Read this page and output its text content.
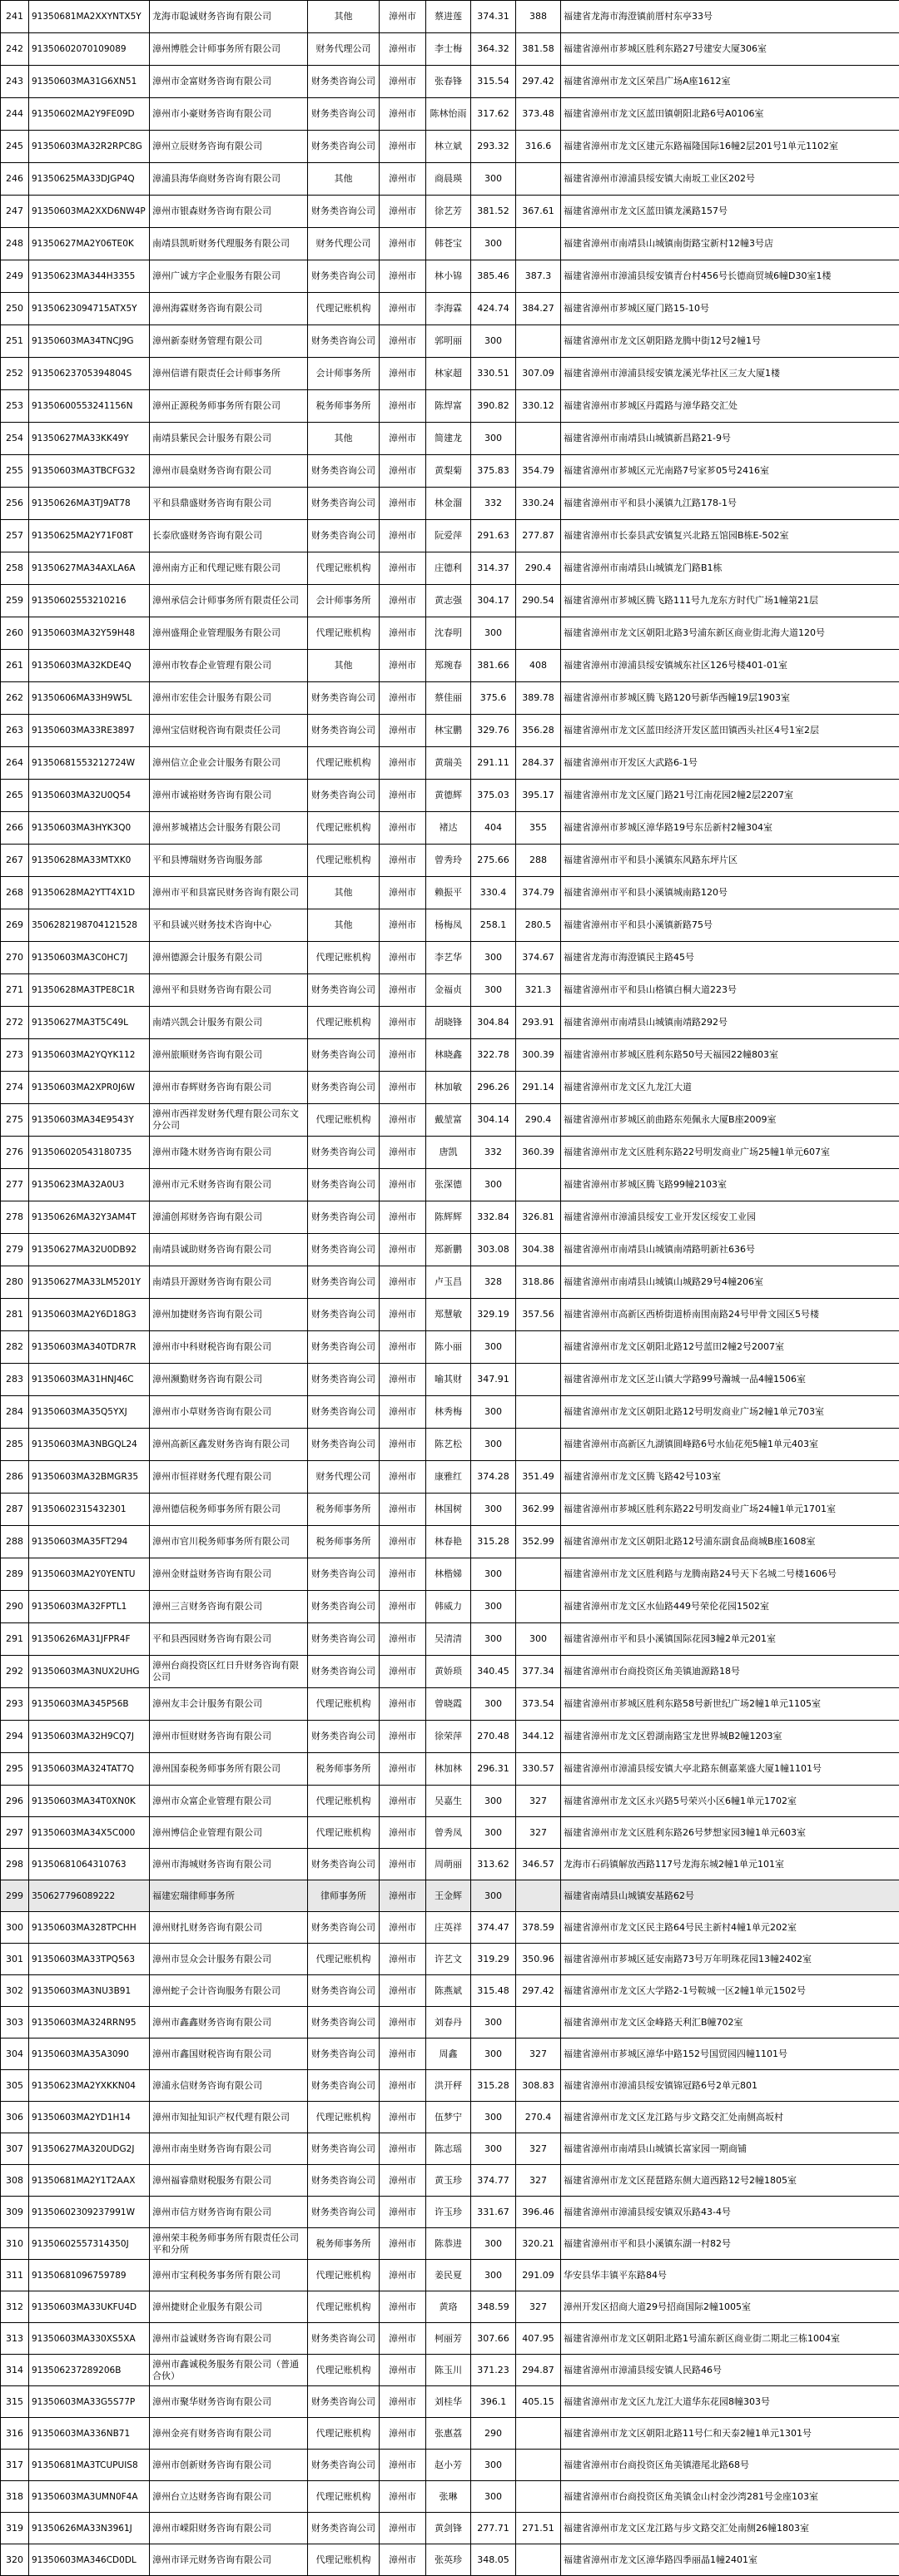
241	91350681MA2XXYNTX5Y	龙海市聪诚财务咨询有限公司	其他	漳州市	蔡进莲	374.31	388	福建省龙海市海澄镇前厝村东亭33号
242	91350602070109089	漳州博胜会计师事务所有限公司	财务代理公司	漳州市	李士梅	364.32	381.58	福建省漳州市芗城区胜利东路27号建安大厦306室
243	91350603MA31G6XN51	漳州市金富财务咨询有限公司	财务类咨询公司	漳州市	张春锋	315.54	297.42	福建省漳州市龙文区荣昌广场A座1612室
244	91350602MA2Y9FE09D	漳州市小豪财务咨询有限公司	财务类咨询公司	漳州市	陈林怡雨	317.62	373.48	福建省漳州市龙文区蓝田镇朝阳北路6号A0106室
245	91350603MA32R2RPC8G	漳州立辰财务咨询有限公司	财务类咨询公司	漳州市	林立斌	293.32	316.6	福建省漳州市龙文区建元东路福隆国际16幢2层201号1单元1102室
246	91350625MA33DJGP4Q	漳浦县海华商财务咨询有限公司	其他	漳州市	商晨瑛	300		福建省漳州市漳浦县绥安镇大南坂工业区202号
247	91350603MA2XXD6NW4P	漳州市银森财务咨询有限公司	财务类咨询公司	漳州市	徐艺芳	381.52	367.61	福建省漳州市龙文区蓝田镇龙溪路157号
248	91350627MA2Y06TE0K	南靖县凯昕财务代理服务有限公司	财务代理公司	漳州市	韩苍宝	300		福建省漳州市南靖县山城镇南街路宝新村12幢3号店
249	91350623MA344H3355	漳州广诚方字企业服务有限公司	财务类咨询公司	漳州市	林小锦	385.46	387.3	福建省漳州市漳浦县绥安镇青台村456号长德商贸城6幢D30室1楼
250	91350623094715ATX5Y	漳州海霖财务咨询有限公司	代理记账机构	漳州市	李海霖	424.74	384.27	福建省漳州市芗城区厦门路15-10号
251	91350603MA34TNCJ9G	漳州新泰财务管理有限公司	财务类咨询公司	漳州市	郭明丽	300		福建省漳州市龙文区朝阳路龙腾中街12号2幢1号
252	91350623705394804S	漳州信谱有限责任会计师事务所	会计师事务所	漳州市	林家超	330.51	307.09	福建省漳州市漳浦县绥安镇龙溪光华社区三友大厦1楼
253	91350600553241156N	漳州正源税务师事务所有限公司	税务师事务所	漳州市	陈焊富	390.82	330.12	福建省漳州市芗城区丹霞路与漳华路交汇处
254	91350627MA33KK49Y	南靖县紫民会计服务有限公司	其他	漳州市	简建龙	300		福建省漳州市南靖县山城镇新昌路21-9号
255	91350603MA3TBCFG32	漳州市晨燊财务咨询有限公司	财务类咨询公司	漳州市	黄梨菊	375.83	354.79	福建省漳州市芗城区元光南路7号家芗05号2416室
256	91350626MA3TJ9AT78	平和县鼎盛财务咨询有限公司	财务类咨询公司	漳州市	林金溜	332	330.24	福建省漳州市平和县小溪镇九江路178-1号
257	91350625MA2Y71F08T	长泰欣盛财务咨询有限公司	财务类咨询公司	漳州市	阮爱萍	291.63	277.87	福建省漳州市长泰县武安镇复兴北路五馆园B栋E-502室
258	91350627MA34AXLA6A	漳州南方正和代理记账有限公司	代理记账机构	漳州市	庄德利	314.37	290.4	福建省漳州市南靖县山城镇龙门路B1栋
259	91350602553210216	漳州承信会计师事务所有限责任公司	会计师事务所	漳州市	黄志强	304.17	290.54	福建省漳州市芗城区腾飞路111号九龙东方时代广场1幢第21层
260	91350603MA32Y59H48	漳州盛翔企业管理服务有限公司	代理记账机构	漳州市	沈春明	300		福建省漳州市龙文区朝阳北路3号浦东新区商业街北海大道120号
261	91350603MA32KDE4Q	漳州市牧春企业管理有限公司	其他	漳州市	郑琬春	381.66	408	福建省漳州市漳浦县绥安镇城东社区126号楼401-01室
262	91350606MA33H9W5L	漳州市宏佳会计服务有限公司	财务类咨询公司	漳州市	蔡佳丽	375.6	389.78	福建省漳州市芗城区腾飞路120号新华西幢19层1903室
263	91350603MA33RE3897	漳州宝信财税咨询有限责任公司	财务类咨询公司	漳州市	林宝鹏	329.76	356.28	福建省漳州市龙文区蓝田经济开发区蓝田镇西头社区4号1室2层
264	91350681553212724W	漳州信立企业会计服务有限公司	代理记账机构	漳州市	黄瑞美	291.11	284.37	福建省漳州市开发区大武路6-1号
265	91350603MA32U0Q54	漳州市诚裕财务咨询有限公司	财务类咨询公司	漳州市	黄德辉	375.03	395.17	福建省漳州市龙文区厦门路21号江南花园2幢2层2207室
266	91350603MA3HYK3Q0	漳州芗城褚达会计服务有限公司	代理记账机构	漳州市	褚达	404	355	福建省漳州市芗城区漳华路19号东岳新村2幢304室
267	91350628MA33MTXK0	平和县博瑞财务咨询服务部	代理记账机构	漳州市	曾秀玲	275.66	288	福建省漳州市平和县小溪镇东风路东坪片区
268	91350628MA2YTT4X1D	漳州市平和县富民财务咨询有限公司	其他	漳州市	赖振平	330.4	374.79	福建省漳州市平和县小溪镇城南路120号
269	3506282198704121528	平和县诚兴财务技术咨询中心	其他	漳州市	杨梅凤	258.1	280.5	福建省漳州市平和县小溪镇新路75号
270	91350603MA3C0HC7J	漳州德源会计服务有限公司	代理记账机构	漳州市	李艺华	300	374.67	福建省龙海市海澄镇民主路45号
271	91350628MA3TPE8C1R	漳州平和县财务咨询有限公司	财务类咨询公司	漳州市	金福贞	300	321.3	福建省漳州市平和县山格镇白桐大道223号
272	91350627MA3T5C49L	南靖兴凯会计服务有限公司	代理记账机构	漳州市	胡晓锋	304.84	293.91	福建省漳州市南靖县山城镇南靖路292号
273	91350603MA2YQYK112	漳州旅顺财务咨询有限公司	财务类咨询公司	漳州市	林晓鑫	322.78	300.39	福建省漳州市芗城区胜利东路50号天福园22幢803室
274	91350603MA2XPR0J6W	漳州市春辉财务咨询有限公司	财务类咨询公司	漳州市	林加敏	296.26	291.14	福建省漳州市龙文区九龙江大道
275	91350603MA34E9543Y	漳州市西祥发财务代理有限公司东文分公司	代理记账机构	漳州市	戴堃富	304.14	290.4	福建省漳州市芗城区前曲路东苑佩永大厦B座2009室
276	913506020543180735	漳州市隆木财务咨询有限公司	财务类咨询公司	漳州市	唐凯	332	360.39	福建省漳州市龙文区胜利东路22号明发商业广场25幢1单元607室
277	91350623MA32A0U3	漳州市元禾财务咨询有限公司	财务类咨询公司	漳州市	张深德	300		福建省漳州市芗城区腾飞路99幢2103室
278	91350626MA32Y3AM4T	漳浦创邦财务咨询有限公司	财务类咨询公司	漳州市	陈辉辉	332.84	326.81	福建省漳州市漳浦县绥安工业开发区绥安工业园
279	91350627MA32U0DB92	南靖县诚助财务咨询有限公司	财务类咨询公司	漳州市	郑新鹏	303.08	304.38	福建省漳州市南靖县山城镇南靖路明新社636号
280	91350627MA33LM5201Y	南靖县开源财务咨询有限公司	财务类咨询公司	漳州市	卢玉昌	328	318.86	福建省漳州市南靖县山城镇山城路29号4幢206室
281	91350603MA2Y6D18G3	漳州加捷财务咨询有限公司	财务类咨询公司	漳州市	郑慧敏	329.19	357.56	福建省漳州市高新区西桥街道桥南围南路24号甲骨文园区5号楼
282	91350603MA340TDR7R	漳州市中科财税咨询有限公司	财务类咨询公司	漳州市	陈小丽	300		福建省漳州市龙文区朝阳北路12号蓝田2幢2号2007室
283	91350603MA31HNJ46C	漳州濒勤财务咨询有限公司	财务类咨询公司	漳州市	喻其财	347.91		福建省漳州市龙文区芝山镇大学路99号瀚城一品4幢1506室
284	91350603MA35Q5YXJ	漳州市小草财务咨询有限公司	财务类咨询公司	漳州市	林秀梅	300		福建省漳州市龙文区朝阳北路12号明发商业广场2幢1单元703室
285	91350603MA3NBGQL24	漳州高新区鑫发财务咨询有限公司	财务类咨询公司	漳州市	陈艺松	300		福建省漳州市高新区九湖镇圆峰路6号水仙花苑5幢1单元403室
286	91350603MA32BMGR35	漳州市恒祥财务代理有限公司	财务代理公司	漳州市	康雅红	374.28	351.49	福建省漳州市龙文区腾飞路42号103室
287	91350602315432301	漳州德信税务师事务所有限公司	税务师事务所	漳州市	林国树	300	362.99	福建省漳州市芗城区胜利东路22号明发商业广场24幢1单元1701室
288	91350603MA35FT294	漳州市官川税务师事务所有限公司	税务师事务所	漳州市	林春艳	315.28	352.99	福建省漳州市龙文区朝阳北路12号浦东副食品商城B座1608室
289	91350603MA2Y0YENTU	漳州金财益财务咨询有限公司	财务类咨询公司	漳州市	林楷娣	300		福建省漳州市龙文区胜利路与龙腾南路24号天下名城二号楼1606号
290	91350603MA32FPTL1	漳州三言财务咨询有限公司	财务类咨询公司	漳州市	韩威力	300		福建省漳州市龙文区水仙路449号荣伦花园1502室
291	91350626MA31JFPR4F	平和县西园财务咨询有限公司	财务类咨询公司	漳州市	吴清清	300	300	福建省漳州市平和县小溪镇国际花园3幢2单元201室
292	91350603MA3NUX2UHG	漳州台商投资区红日升财务咨询有限公司	财务类咨询公司	漳州市	黄娇琐	340.45	377.34	福建省漳州市台商投资区角美镇迪源路18号
293	91350603MA345P56B	漳州友丰会计服务有限公司	代理记账机构	漳州市	曾晓霞	300	373.54	福建省漳州市芗城区胜利东路58号新世纪广场2幢1单元1105室
294	91350603MA32H9CQ7J	漳州市恒财财务咨询有限公司	财务类咨询公司	漳州市	徐荣萍	270.48	344.12	福建省漳州市龙文区碧湖南路宝龙世界城B2幢1203室
295	91350603MA324TAT7Q	漳州国泰税务师事务所有限公司	税务师事务所	漳州市	林加林	296.31	330.57	福建省漳州市漳浦县绥安镇大亭北路东侧嘉莱盛大厦1幢1101号
296	91350603MA34T0XN0K	漳州市众富企业管理有限公司	代理记账机构	漳州市	吴嘉生	300	327	福建省漳州市龙文区永兴路5号荣兴小区6幢1单元1702室
297	91350603MA34X5C000	漳州博信企业管理有限公司	代理记账机构	漳州市	曾秀凤	300	327	福建省漳州市龙文区胜利东路26号梦想家园3幢1单元603室
298	91350681064310763	漳州市海城财务咨询有限公司	财务类咨询公司	漳州市	周萌丽	313.62	346.57	龙海市石码镇解放西路117号龙海东城2幢1单元101室
299	350627796089222	福建宏瑞律师事务所	律师事务所	漳州市	王金辉	300		福建省南靖县山城镇安基路62号
300	91350603MA328TPCHH	漳州财扎财务咨询有限公司	财务类咨询公司	漳州市	庄英祥	374.47	378.59	福建省漳州市龙文区民主路64号民主新村4幢1单元202室
301	91350603MA33TPQ563	漳州市昱众会计服务有限公司	代理记账机构	漳州市	许艺文	319.29	350.96	福建省漳州市芗城区延安南路73号万年明珠花园13幢2402室
302	91350603MA3NU3B91	漳州蛇子会计咨询服务有限公司	财务类咨询公司	漳州市	陈燕斌	315.48	297.42	福建省漳州市龙文区大学路2-1号鞍城一区2幢1单元1502号
303	91350603MA324RRN95	漳州市鑫鑫财务咨询有限公司	财务类咨询公司	漳州市	刘春丹	300		福建省漳州市龙文区金峰路天利汇B幢702室
304	91350603MA35A3090	漳州市鑫国财税咨询有限公司	财务类咨询公司	漳州市	周鑫	300	327	福建省漳州市芗城区漳华中路152号国贸园四幢1101号
305	91350623MA2YXKKN04	漳浦永信财务咨询有限公司	财务类咨询公司	漳州市	洪开秤	315.28	308.83	福建省漳州市漳浦县绥安镇锦冠路6号2单元801
306	91350603MA2YD1H14	漳州市知扯知识产权代理有限公司	代理记账机构	漳州市	伍梦宁	300	270.4	福建省漳州市龙文区龙江路与步文路交汇处南侧高坂村
307	91350627MA320UDG2J	漳州市南坐财务咨询有限公司	财务类咨询公司	漳州市	陈志瑶	300	327	福建省漳州市南靖县山城镇长富家园一期商铺
308	91350681MA2Y1T2AAX	漳州福睿鼎财税服务有限公司	财务类咨询公司	漳州市	黄玉珍	374.77	327	福建省漳州市龙文区琵琶路东侧大道西路12号2幢1805室
309	91350602309237991W	漳州市信方财务咨询有限公司	财务类咨询公司	漳州市	许玉珍	331.67	396.46	福建省漳州市漳浦县绥安镇双乐路43-4号
310	91350602557314350J	漳州荣丰税务师事务所有限责任公司平和分所	税务师事务所	漳州市	陈恭进	300	320.21	福建省漳州市平和县小溪镇东湖一村82号
311	91350681096759789	漳州市宝利税务事务所有限公司	代理记账机构	漳州市	姜民夏	300	291.09	华安县华丰镇平东路84号
312	91350603MA33UKFU4D	漳州捷财企业服务有限公司	代理记账机构	漳州市	黄珞	348.59	327	漳州开发区招商大道29号招商国际2幢1005室
313	91350603MA330XS5XA	漳州市益诚财务咨询有限公司	财务类咨询公司	漳州市	柯丽芳	307.66	407.95	福建省漳州市龙文区朝阳北路1号浦东新区商业街二期北三栋1004室
314	913506237289206B	漳州市鑫诚税务服务有限公司（普通合伙）	代理记账机构	漳州市	陈玉川	371.23	294.87	福建省漳州市漳浦县绥安镇人民路46号
315	91350603MA33G5S77P	漳州市聚华财务咨询有限公司	财务类咨询公司	漳州市	刘桂华	396.1	405.15	福建省漳州市龙文区九龙江大道华东花园8幢303号
316	91350603MA336NB71	漳州金亮有财务咨询有限公司	代理记账机构	漳州市	张惠荔	290		福建省漳州市龙文区朝阳北路11号仁和天泰2幢1单元1301号
317	91350681MA3TCUPUIS8	漳州市创新财务咨询有限公司	财务类咨询公司	漳州市	赵小芳	300		福建省漳州市台商投资区角美镇港尾北路68号
318	91350603MA3UMN0F4A	漳州台立达财务咨询有限公司	代理记账机构	漳州市	张琳	300		福建省漳州市台商投资区角美镇金山村金沙湾281号金座103室
319	91350626MA33N3961J	漳州市嵘阳财务咨询有限公司	财务类咨询公司	漳州市	黄剑锋	277.71	271.51	福建省漳州市龙文区龙江路与步文路交汇处南侧26幢1803室
320	91350603MA346CD0DL	漳州市译元财务咨询有限公司	代理记账机构	漳州市	张英珍	348.05		福建省漳州市龙文区漳华路四季丽晶1幢2401室
